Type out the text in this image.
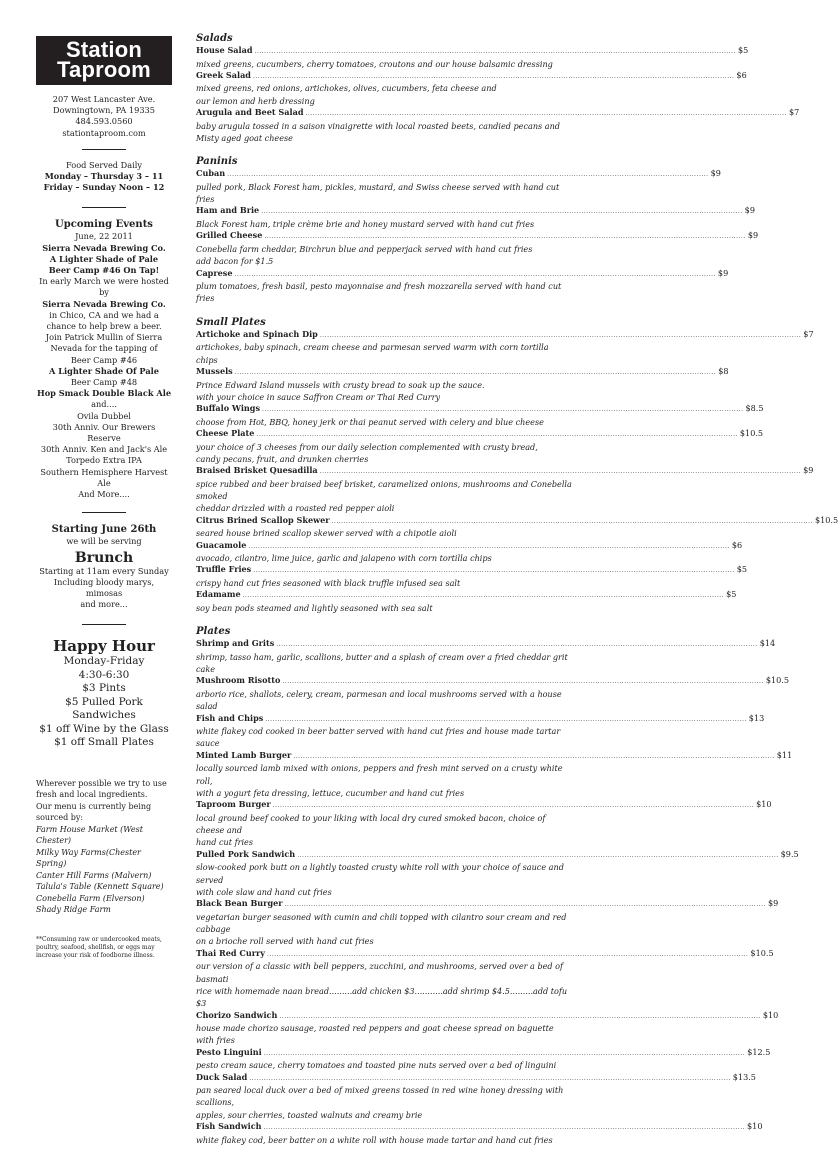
Station
Taproom
207 West Lancaster Ave.
Downingtown, PA 19335
484.593.0560
stationtaproom.com
Food Served Daily
Monday – Thursday 3 – 11
Friday – Sunday Noon – 12
Upcoming Events
June, 22 2011
Sierra Nevada Brewing Co.
A Lighter Shade of Pale
Beer Camp #46 On Tap!
In early March we were hosted by
Sierra Nevada Brewing Co.
in Chico, CA and we had a
chance to help brew a beer.
Join Patrick Mullin of Sierra
Nevada for the tapping of
Beer Camp #46
A Lighter Shade Of Pale
Beer Camp #48
Hop Smack Double Black Ale
and....
Ovila Dubbel
30th Anniv. Our Brewers Reserve
30th Anniv. Ken and Jack's Ale
Torpedo Extra IPA
Southern Hemisphere Harvest Ale
And More....
Starting June 26th
we will be serving
Brunch
Starting at 11am every Sunday
Including bloody marys, mimosas
and more...
Happy Hour
Monday-Friday
4:30-6:30
$3 Pints
$5 Pulled Pork Sandwiches
$1 off Wine by the Glass
$1 off Small Plates
Wherever possible we try to use
fresh and local ingredients.
Our menu is currently being
sourced by:
Farm House Market (West Chester)
Milky Way Farms(Chester Spring)
Canter Hill Farms (Malvern)
Talula's Table (Kennett Square)
Conebella Farm (Elverson)
Shady Ridge Farm
**Consuming raw or undercooked meats, poultry, seafood, shellfish, or eggs may increase your risk of foodborne illness.
Salads
House Salad ........................................................................................................................................................................................................ $5
mixed greens, cucumbers, cherry tomatoes, croutons and our house balsamic dressing
Greek Salad ........................................................................................................................................................................................................ $6
mixed greens, red onions, artichokes, olives, cucumbers, feta cheese and
our lemon and herb dressing
Arugula and Beet Salad ........................................................................................................................................................................................................ $7
baby arugula tossed in a saison vinaigrette with local roasted beets, candied pecans and
Misty aged goat cheese
Paninis
Cuban ........................................................................................................................................................................................................ $9
pulled pork, Black Forest ham, pickles, mustard, and Swiss cheese served with hand cut fries
Ham and Brie ........................................................................................................................................................................................................ $9
Black Forest ham, triple crème brie and honey mustard served with hand cut fries
Grilled Cheese ........................................................................................................................................................................................................ $9
Conebella farm cheddar, Birchrun blue and pepperjack served with hand cut fries
add bacon for $1.5
Caprese ........................................................................................................................................................................................................ $9
plum tomatoes, fresh basil, pesto mayonnaise and fresh mozzarella served with hand cut fries
Small Plates
Artichoke and Spinach Dip ........................................................................................................................................................................................................ $7
artichokes, baby spinach, cream cheese and parmesan served warm with corn tortilla chips
Mussels ........................................................................................................................................................................................................ $8
Prince Edward Island mussels with crusty bread to soak up the sauce.
with your choice in sauce Saffron Cream or Thai Red Curry
Buffalo Wings ........................................................................................................................................................................................................ $8.5
choose from Hot, BBQ, honey jerk or thai peanut served with celery and blue cheese
Cheese Plate ........................................................................................................................................................................................................ $10.5
your choice of 3 cheeses from our daily selection complemented with crusty bread,
candy pecans, fruit, and drunken cherries
Braised Brisket Quesadilla ........................................................................................................................................................................................................ $9
spice rubbed and beer braised beef brisket, caramelized onions, mushrooms and Conebella smoked
cheddar drizzled with a roasted red pepper aioli
Citrus Brined Scallop Skewer ........................................................................................................................................................................................................ $10.5
seared house brined scallop skewer served with a chipotle aioli
Guacamole ........................................................................................................................................................................................................ $6
avocado, cilantro, lime juice, garlic and jalapeno with corn tortilla chips
Truffle Fries ........................................................................................................................................................................................................ $5
crispy hand cut fries seasoned with black truffle infused sea salt
Edamame ........................................................................................................................................................................................................ $5
soy bean pods steamed and lightly seasoned with sea salt
Plates
Shrimp and Grits ........................................................................................................................................................................................................ $14
shrimp, tasso ham, garlic, scallions, butter and a splash of cream over a fried cheddar grit cake
Mushroom Risotto ........................................................................................................................................................................................................ $10.5
arborio rice, shallots, celery, cream, parmesan and local mushrooms served with a house salad
Fish and Chips ........................................................................................................................................................................................................ $13
white flakey cod cooked in beer batter served with hand cut fries and house made tartar sauce
Minted Lamb Burger ........................................................................................................................................................................................................ $11
locally sourced lamb mixed with onions, peppers and fresh mint served on a crusty white roll,
with a yogurt feta dressing, lettuce, cucumber and hand cut fries
Taproom Burger ........................................................................................................................................................................................................ $10
local ground beef cooked to your liking with local dry cured smoked bacon, choice of cheese and
hand cut fries
Pulled Pork Sandwich ........................................................................................................................................................................................................ $9.5
slow-cooked pork butt on a lightly toasted crusty white roll with your choice of sauce and served
with cole slaw and hand cut fries
Black Bean Burger ........................................................................................................................................................................................................ $9
vegetarian burger seasoned with cumin and chili topped with cilantro sour cream and red cabbage
on a brioche roll served with hand cut fries
Thai Red Curry ........................................................................................................................................................................................................ $10.5
our version of a classic with bell peppers, zucchini, and mushrooms, served over a bed of basmati
rice with homemade naan bread.........add chicken $3...........add shrimp $4.5.........add tofu $3
Chorizo Sandwich ........................................................................................................................................................................................................ $10
house made chorizo sausage, roasted red peppers and goat cheese spread on baguette with fries
Pesto Linguini ........................................................................................................................................................................................................ $12.5
pesto cream sauce, cherry tomatoes and toasted pine nuts served over a bed of linguini
Duck Salad ........................................................................................................................................................................................................ $13.5
pan seared local duck over a bed of mixed greens tossed in red wine honey dressing with scallions,
apples, sour cherries, toasted walnuts and creamy brie
Fish Sandwich ........................................................................................................................................................................................................ $10
white flakey cod, beer batter on a white roll with house made tartar and hand cut fries
